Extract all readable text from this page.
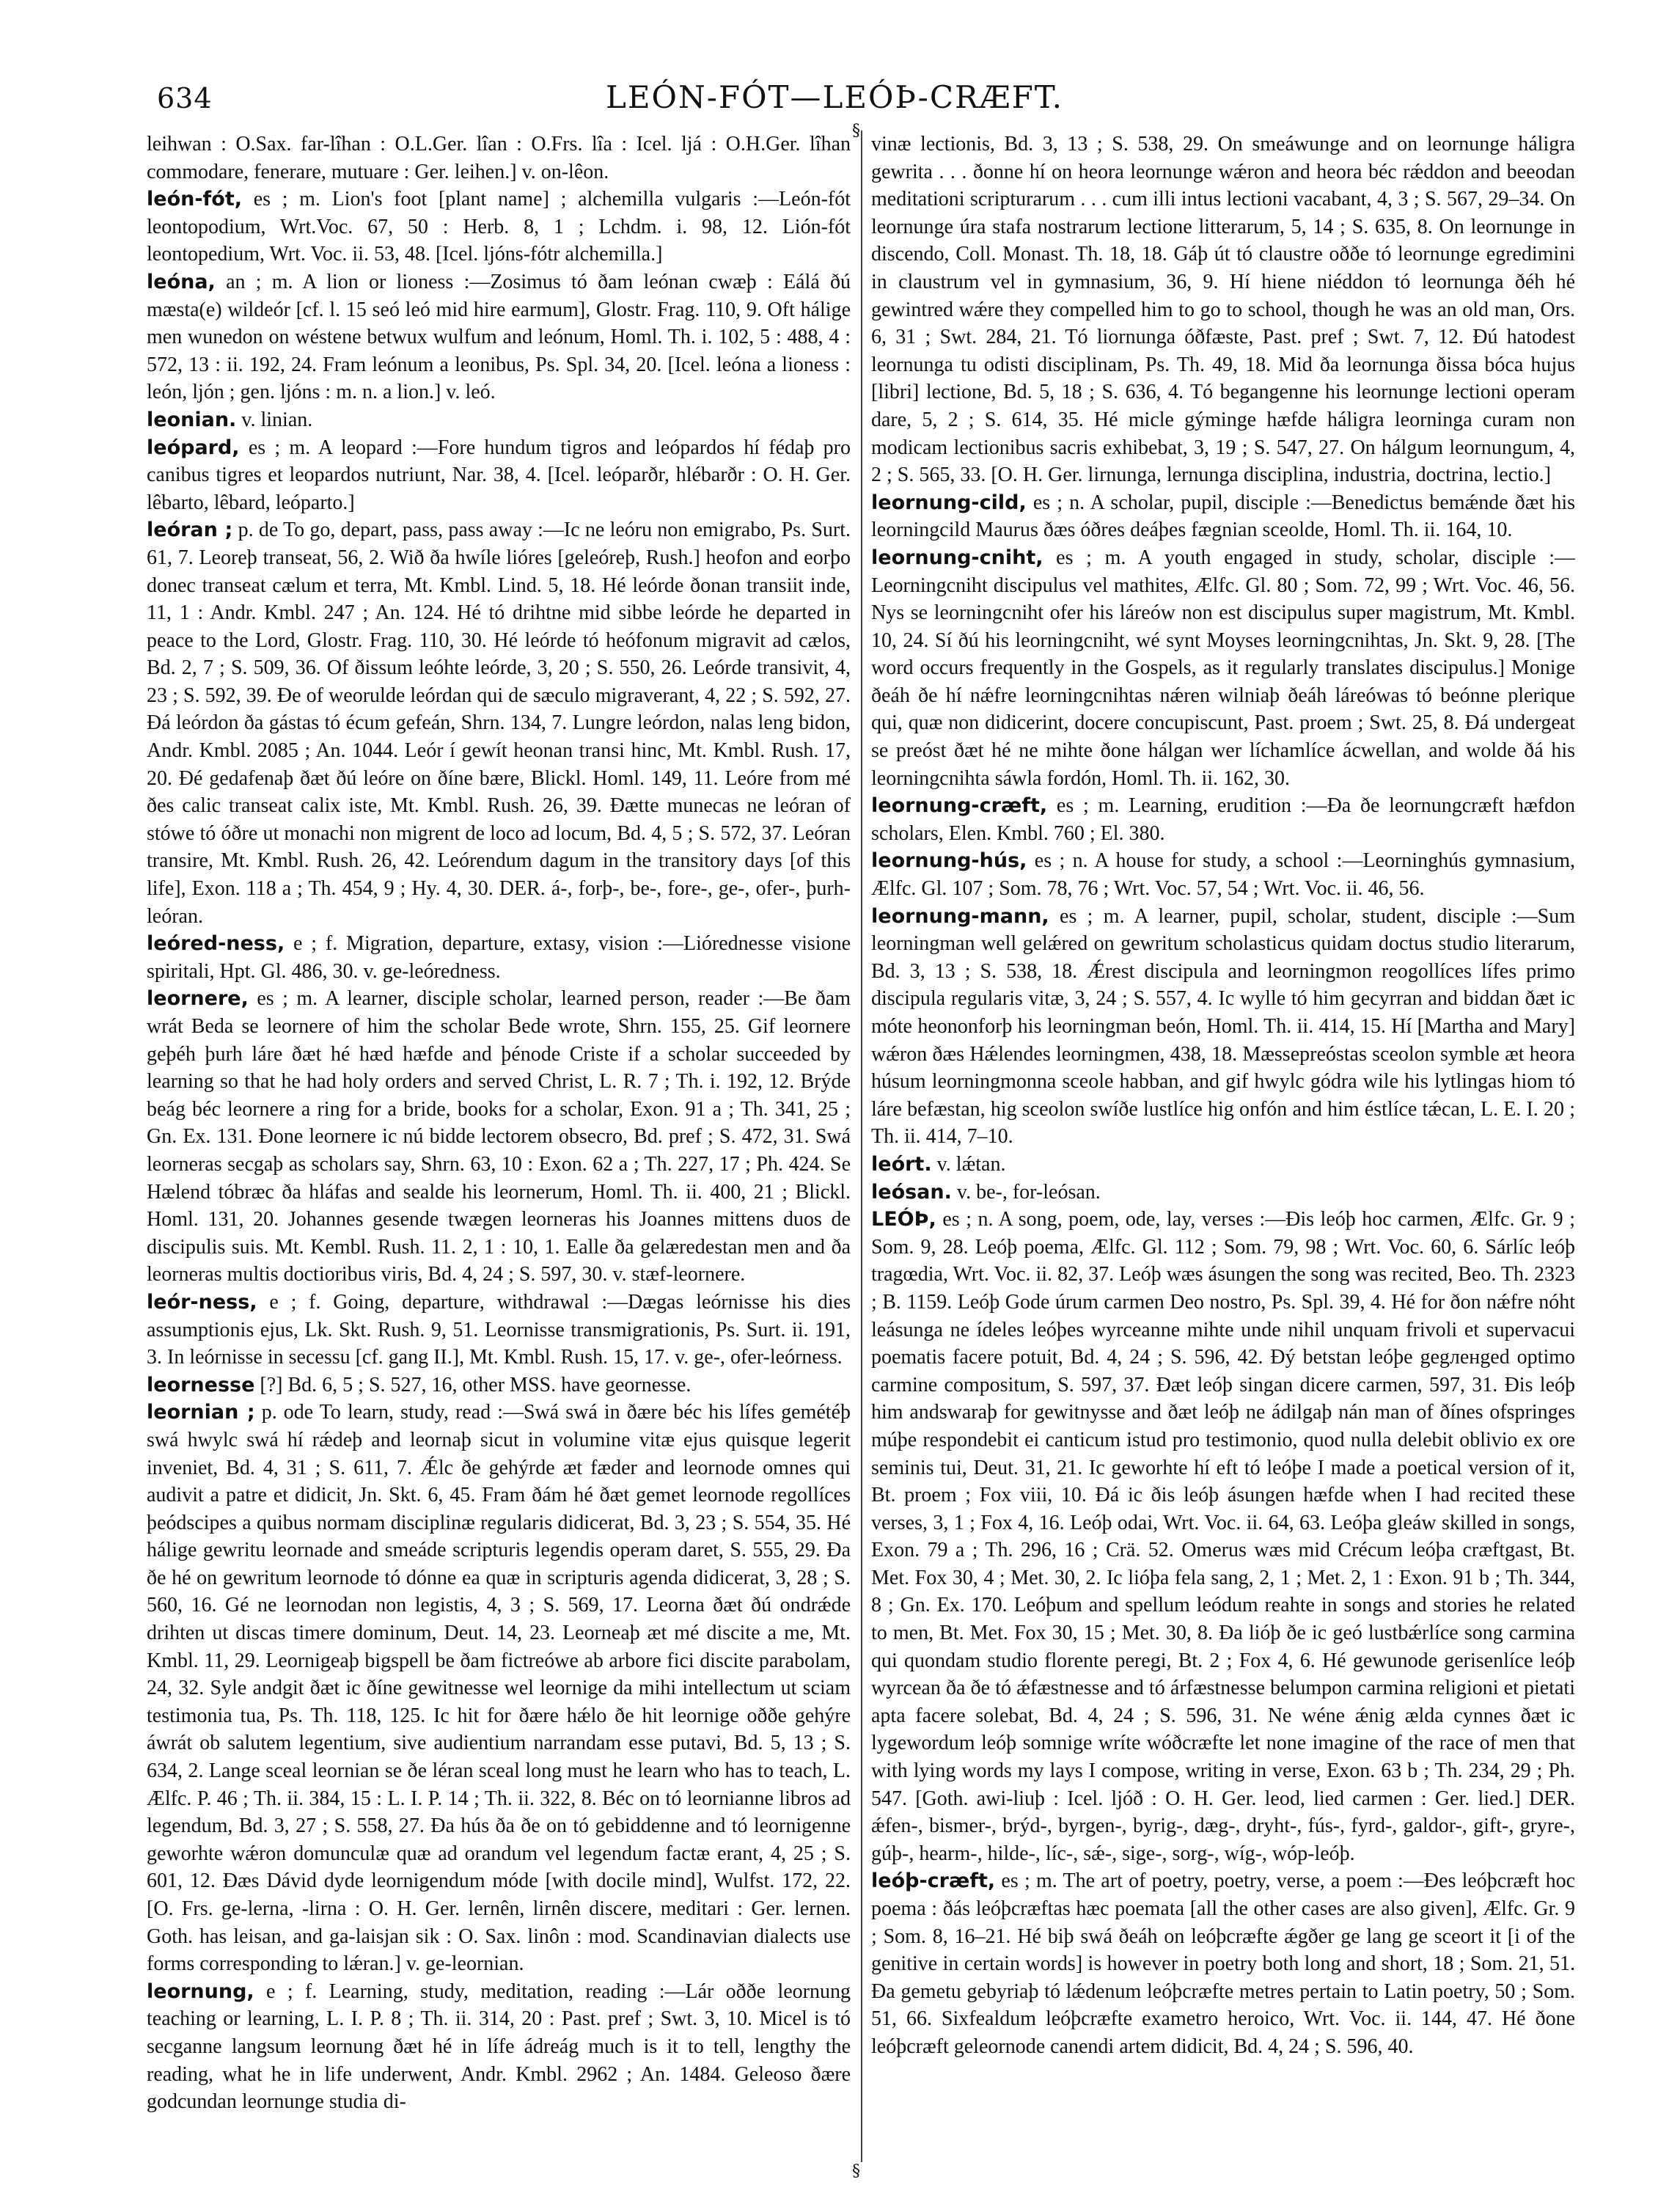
634	LEÓN-FÓT—LEÓÞ-CRÆFT.
§
§

leihwan : O.Sax. far-lîhan : O.L.Ger. lîan : O.Frs. lîa : Icel. ljá : O.H.Ger. lîhan commodare, fenerare, mutuare : Ger. leihen.] v. on-lêon.

león-fót, es ; m. Lion's foot [plant name] ; alchemilla vulgaris :—León-fót leontopodium, Wrt.Voc. 67, 50 : Herb. 8, 1 ; Lchdm. i. 98, 12. Lión-fót leontopedium, Wrt. Voc. ii. 53, 48. [Icel. ljóns-fótr alchemilla.]

leóna, an ; m. A lion or lioness :—Zosimus tó ðam leónan cwæþ : Eálá ðú mæsta(e) wildeór [cf. l. 15 seó leó mid hire earmum], Glostr. Frag. 110, 9. Oft hálige men wunedon on wéstene betwux wulfum and leónum, Homl. Th. i. 102, 5 : 488, 4 : 572, 13 : ii. 192, 24. Fram leónum a leonibus, Ps. Spl. 34, 20. [Icel. leóna a lioness : león, ljón ; gen. ljóns : m. n. a lion.] v. leó.

leonian. v. linian.

leópard, es ; m. A leopard :—Fore hundum tigros and leópardos hí fédaþ pro canibus tigres et leopardos nutriunt, Nar. 38, 4. [Icel. leóparðr, hlébarðr : O. H. Ger. lêbarto, lêbard, leóparto.]

leóran ; p. de To go, depart, pass, pass away :—Ic ne leóru non emigrabo, Ps. Surt. 61, 7. Leoreþ transeat, 56, 2. Wið ða hwíle lióres [geleóreþ, Rush.] heofon and eorþo donec transeat cælum et terra, Mt. Kmbl. Lind. 5, 18. Hé leórde ðonan transiit inde, 11, 1 : Andr. Kmbl. 247 ; An. 124. Hé tó drihtne mid sibbe leórde he departed in peace to the Lord, Glostr. Frag. 110, 30. Hé leórde tó heófonum migravit ad cælos, Bd. 2, 7 ; S. 509, 36. Of ðissum leóhte leórde, 3, 20 ; S. 550, 26. Leórde transivit, 4, 23 ; S. 592, 39. Ðe of weorulde leórdan qui de sæculo migraverant, 4, 22 ; S. 592, 27. Ðá leórdon ða gástas tó écum gefeán, Shrn. 134, 7. Lungre leórdon, nalas leng bidon, Andr. Kmbl. 2085 ; An. 1044. Leór í gewít heonan transi hinc, Mt. Kmbl. Rush. 17, 20. Ðé gedafenaþ ðæt ðú leóre on ðíne bære, Blickl. Homl. 149, 11. Leóre from mé ðes calic transeat calix iste, Mt. Kmbl. Rush. 26, 39. Ðætte munecas ne leóran of stówe tó óðre ut monachi non migrent de loco ad locum, Bd. 4, 5 ; S. 572, 37. Leóran transire, Mt. Kmbl. Rush. 26, 42. Leórendum dagum in the transitory days [of this life], Exon. 118 a ; Th. 454, 9 ; Hy. 4, 30. DER. á-, forþ-, be-, fore-, ge-, ofer-, þurh-leóran.

leóred-ness, e ; f. Migration, departure, extasy, vision :—Liórednesse visione spiritali, Hpt. Gl. 486, 30. v. ge-leóredness.

leornere, es ; m. A learner, disciple scholar, learned person, reader :—Be ðam wrát Beda se leornere of him the scholar Bede wrote, Shrn. 155, 25. Gif leornere geþéh þurh láre ðæt hé hæd hæfde and þénode Criste if a scholar succeeded by learning so that he had holy orders and served Christ, L. R. 7 ; Th. i. 192, 12. Brýde beág béc leornere a ring for a bride, books for a scholar, Exon. 91 a ; Th. 341, 25 ; Gn. Ex. 131. Ðone leornere ic nú bidde lectorem obsecro, Bd. pref ; S. 472, 31. Swá leorneras secgaþ as scholars say, Shrn. 63, 10 : Exon. 62 a ; Th. 227, 17 ; Ph. 424. Se Hælend tóbræc ða hláfas and sealde his leornerum, Homl. Th. ii. 400, 21 ; Blickl. Homl. 131, 20. Johannes gesende twægen leorneras his Joannes mittens duos de discipulis suis. Mt. Kembl. Rush. 11. 2, 1 : 10, 1. Ealle ða gelæredestan men and ða leorneras multis doctioribus viris, Bd. 4, 24 ; S. 597, 30. v. stæf-leornere.

leór-ness, e ; f. Going, departure, withdrawal :—Dægas leórnisse his dies assumptionis ejus, Lk. Skt. Rush. 9, 51. Leornisse transmigrationis, Ps. Surt. ii. 191, 3. In leórnisse in secessu [cf. gang II.], Mt. Kmbl. Rush. 15, 17. v. ge-, ofer-leórness.

leornesse [?] Bd. 6, 5 ; S. 527, 16, other MSS. have geornesse.

leornian ; p. ode To learn, study, read :—Swá swá in ðære béc his lífes gemétéþ swá hwylc swá hí rǽdeþ and leornaþ sicut in volumine vitæ ejus quisque legerit inveniet, Bd. 4, 31 ; S. 611, 7. Ǽlc ðe gehýrde æt fæder and leornode omnes qui audivit a patre et didicit, Jn. Skt. 6, 45. Fram ðám hé ðæt gemet leornode regollíces þeódscipes a quibus normam disciplinæ regularis didicerat, Bd. 3, 23 ; S. 554, 35. Hé hálige gewritu leornade and smeáde scripturis legendis operam daret, S. 555, 29. Ða ðe hé on gewritum leornode tó dónne ea quæ in scripturis agenda didicerat, 3, 28 ; S. 560, 16. Gé ne leornodan non legistis, 4, 3 ; S. 569, 17. Leorna ðæt ðú ondrǽde drihten ut discas timere dominum, Deut. 14, 23. Leorneaþ æt mé discite a me, Mt. Kmbl. 11, 29. Leornigeaþ bigspell be ðam fictreówe ab arbore fici discite parabolam, 24, 32. Syle andgit ðæt ic ðíne gewitnesse wel leornige da mihi intellectum ut sciam testimonia tua, Ps. Th. 118, 125. Ic hit for ðære hǽlo ðe hit leornige oððe gehýre áwrát ob salutem legentium, sive audientium narrandam esse putavi, Bd. 5, 13 ; S. 634, 2. Lange sceal leornian se ðe léran sceal long must he learn who has to teach, L. Ælfc. P. 46 ; Th. ii. 384, 15 : L. I. P. 14 ; Th. ii. 322, 8. Béc on tó leornianne libros ad legendum, Bd. 3, 27 ; S. 558, 27. Ða hús ða ðe on tó gebiddenne and tó leornigenne geworhte wǽron domunculæ quæ ad orandum vel legendum factæ erant, 4, 25 ; S. 601, 12. Ðæs Dávid dyde leornigendum móde [with docile mind], Wulfst. 172, 22. [O. Frs. ge-lerna, -lirna : O. H. Ger. lernên, lirnên discere, meditari : Ger. lernen. Goth. has leisan, and ga-laisjan sik : O. Sax. linôn : mod. Scandinavian dialects use forms corresponding to lǽran.] v. ge-leornian.

leornung, e ; f. Learning, study, meditation, reading :—Lár oððe leornung teaching or learning, L. I. P. 8 ; Th. ii. 314, 20 : Past. pref ; Swt. 3, 10. Micel is tó secganne langsum leornung ðæt hé in lífe ádreág much is it to tell, lengthy the reading, what he in life underwent, Andr. Kmbl. 2962 ; An. 1484. Geleoso ðære godcundan leornunge studia di-

vinæ lectionis, Bd. 3, 13 ; S. 538, 29. On smeáwunge and on leornunge háligra gewrita . . . ðonne hí on heora leornunge wǽron and heora béc rǽddon and beeodan meditationi scripturarum . . . cum illi intus lectioni vacabant, 4, 3 ; S. 567, 29–34. On leornunge úra stafa nostrarum lectione litterarum, 5, 14 ; S. 635, 8. On leornunge in discendo, Coll. Monast. Th. 18, 18. Gáþ út tó claustre oððe tó leornunge egredimini in claustrum vel in gymnasium, 36, 9. Hí hiene niéddon tó leornunga ðéh hé gewintred wǽre they compelled him to go to school, though he was an old man, Ors. 6, 31 ; Swt. 284, 21. Tó liornunga óðfæste, Past. pref ; Swt. 7, 12. Ðú hatodest leornunga tu odisti disciplinam, Ps. Th. 49, 18. Mid ða leornunga ðissa bóca hujus [libri] lectione, Bd. 5, 18 ; S. 636, 4. Tó begangenne his leornunge lectioni operam dare, 5, 2 ; S. 614, 35. Hé micle gýminge hæfde háligra leorninga curam non modicam lectionibus sacris exhibebat, 3, 19 ; S. 547, 27. On hálgum leornungum, 4, 2 ; S. 565, 33. [O. H. Ger. lirnunga, lernunga disciplina, industria, doctrina, lectio.]

leornung-cild, es ; n. A scholar, pupil, disciple :—Benedictus bemǽnde ðæt his leorningcild Maurus ðæs óðres deáþes fægnian sceolde, Homl. Th. ii. 164, 10.

leornung-cniht, es ; m. A youth engaged in study, scholar, disciple :—Leorningcniht discipulus vel mathites, Ælfc. Gl. 80 ; Som. 72, 99 ; Wrt. Voc. 46, 56. Nys se leorningcniht ofer his láreów non est discipulus super magistrum, Mt. Kmbl. 10, 24. Sí ðú his leorningcniht, wé synt Moyses leorningcnihtas, Jn. Skt. 9, 28. [The word occurs frequently in the Gospels, as it regularly translates discipulus.] Monige ðeáh ðe hí nǽfre leorningcnihtas nǽren wilniaþ ðeáh láreówas tó beónne plerique qui, quæ non didicerint, docere concupiscunt, Past. proem ; Swt. 25, 8. Ðá undergeat se preóst ðæt hé ne mihte ðone hálgan wer líchamlíce ácwellan, and wolde ðá his leorningcnihta sáwla fordón, Homl. Th. ii. 162, 30.

leornung-cræft, es ; m. Learning, erudition :—Ða ðe leornungcræft hæfdon scholars, Elen. Kmbl. 760 ; El. 380.

leornung-hús, es ; n. A house for study, a school :—Leorninghús gymnasium, Ælfc. Gl. 107 ; Som. 78, 76 ; Wrt. Voc. 57, 54 ; Wrt. Voc. ii. 46, 56.

leornung-mann, es ; m. A learner, pupil, scholar, student, disciple :—Sum leorningman well gelǽred on gewritum scholasticus quidam doctus studio literarum, Bd. 3, 13 ; S. 538, 18. Ǽrest discipula and leorningmon reogollíces lífes primo discipula regularis vitæ, 3, 24 ; S. 557, 4. Ic wylle tó him gecyrran and biddan ðæt ic móte heononforþ his leorningman beón, Homl. Th. ii. 414, 15. Hí [Martha and Mary] wǽron ðæs Hǽlendes leorningmen, 438, 18. Mæssepreóstas sceolon symble æt heora húsum leorningmonna sceole habban, and gif hwylc gódra wile his lytlingas hiom tó láre befæstan, hig sceolon swíðe lustlíce hig onfón and him éstlíce tǽcan, L. E. I. 20 ; Th. ii. 414, 7–10.

leórt. v. lǽtan.

leósan. v. be-, for-leósan.

LEÓÞ, es ; n. A song, poem, ode, lay, verses :—Ðis leóþ hoc carmen, Ælfc. Gr. 9 ; Som. 9, 28. Leóþ poema, Ælfc. Gl. 112 ; Som. 79, 98 ; Wrt. Voc. 60, 6. Sárlíc leóþ tragœdia, Wrt. Voc. ii. 82, 37. Leóþ wæs ásungen the song was recited, Beo. Th. 2323 ; B. 1159. Leóþ Gode úrum carmen Deo nostro, Ps. Spl. 39, 4. Hé for ðon nǽfre nóht leásunga ne ídeles leóþes wyrceanne mihte unde nihil unquam frivoli et supervacui poematis facere potuit, Bd. 4, 24 ; S. 596, 42. Ðý betstan leóþe gegленged optimo carmine compositum, S. 597, 37. Ðæt leóþ singan dicere carmen, 597, 31. Ðis leóþ him andswaraþ for gewitnysse and ðæt leóþ ne ádilgaþ nán man of ðínes ofspringes múþe respondebit ei canticum istud pro testimonio, quod nulla delebit oblivio ex ore seminis tui, Deut. 31, 21. Ic geworhte hí eft tó leóþe I made a poetical version of it, Bt. proem ; Fox viii, 10. Ðá ic ðis leóþ ásungen hæfde when I had recited these verses, 3, 1 ; Fox 4, 16. Leóþ odai, Wrt. Voc. ii. 64, 63. Leóþa gleáw skilled in songs, Exon. 79 a ; Th. 296, 16 ; Crä. 52. Omerus wæs mid Crécum leóþa cræftgast, Bt. Met. Fox 30, 4 ; Met. 30, 2. Ic lióþa fela sang, 2, 1 ; Met. 2, 1 : Exon. 91 b ; Th. 344, 8 ; Gn. Ex. 170. Leóþum and spellum leódum reahte in songs and stories he related to men, Bt. Met. Fox 30, 15 ; Met. 30, 8. Ða lióþ ðe ic geó lustbǽrlíce song carmina qui quondam studio florente peregi, Bt. 2 ; Fox 4, 6. Hé gewunode gerisenlíce leóþ wyrcean ða ðe tó ǽfæstnesse and tó árfæstnesse belumpon carmina religioni et pietati apta facere solebat, Bd. 4, 24 ; S. 596, 31. Ne wéne ǽnig ælda cynnes ðæt ic lygewordum leóþ somnige wríte wóðcræfte let none imagine of the race of men that with lying words my lays I compose, writing in verse, Exon. 63 b ; Th. 234, 29 ; Ph. 547. [Goth. awi-liuþ : Icel. ljóð : O. H. Ger. leod, lied carmen : Ger. lied.] DER. ǽfen-, bismer-, brýd-, byrgen-, byrig-, dæg-, dryht-, fús-, fyrd-, galdor-, gift-, gryre-, gúþ-, hearm-, hilde-, líc-, sǽ-, sige-, sorg-, wíg-, wóp-leóþ.

leóþ-cræft, es ; m. The art of poetry, poetry, verse, a poem :—Ðes leóþcræft hoc poema : ðás leóþcræftas hæc poemata [all the other cases are also given], Ælfc. Gr. 9 ; Som. 8, 16–21. Hé biþ swá ðeáh on leóþcræfte ǽgðer ge lang ge sceort it [i of the genitive in certain words] is however in poetry both long and short, 18 ; Som. 21, 51. Ða gemetu gebyriaþ tó lǽdenum leóþcræfte metres pertain to Latin poetry, 50 ; Som. 51, 66. Sixfealdum leóþcræfte exametro heroico, Wrt. Voc. ii. 144, 47. Hé ðone leóþcræft geleornode canendi artem didicit, Bd. 4, 24 ; S. 596, 40.
